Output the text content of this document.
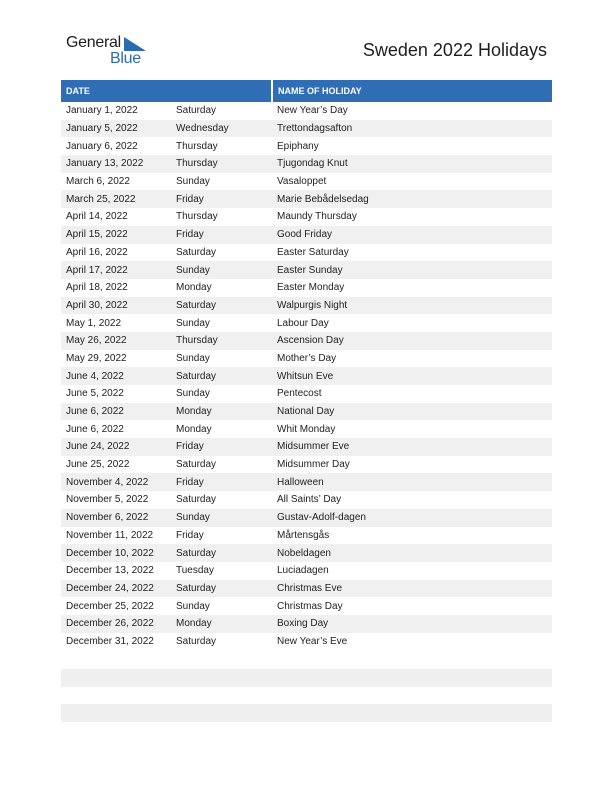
General
Blue	Sweden 2022 Holidays
DATE		NAME OF HOLIDAY
January 1, 2022	Saturday	New Year’s Day
January 5, 2022	Wednesday	Trettondagsafton
January 6, 2022	Thursday	Epiphany
January 13, 2022	Thursday	Tjugondag Knut
March 6, 2022	Sunday	Vasaloppet
March 25, 2022	Friday	Marie Bebådelsedag
April 14, 2022	Thursday	Maundy Thursday
April 15, 2022	Friday	Good Friday
April 16, 2022	Saturday	Easter Saturday
April 17, 2022	Sunday	Easter Sunday
April 18, 2022	Monday	Easter Monday
April 30, 2022	Saturday	Walpurgis Night
May 1, 2022	Sunday	Labour Day
May 26, 2022	Thursday	Ascension Day
May 29, 2022	Sunday	Mother’s Day
June 4, 2022	Saturday	Whitsun Eve
June 5, 2022	Sunday	Pentecost
June 6, 2022	Monday	National Day
June 6, 2022	Monday	Whit Monday
June 24, 2022	Friday	Midsummer Eve
June 25, 2022	Saturday	Midsummer Day
November 4, 2022	Friday	Halloween
November 5, 2022	Saturday	All Saints’ Day
November 6, 2022	Sunday	Gustav-Adolf-dagen
November 11, 2022	Friday	Mårtensgås
December 10, 2022	Saturday	Nobeldagen
December 13, 2022	Tuesday	Luciadagen
December 24, 2022	Saturday	Christmas Eve
December 25, 2022	Sunday	Christmas Day
December 26, 2022	Monday	Boxing Day
December 31, 2022	Saturday	New Year’s Eve
